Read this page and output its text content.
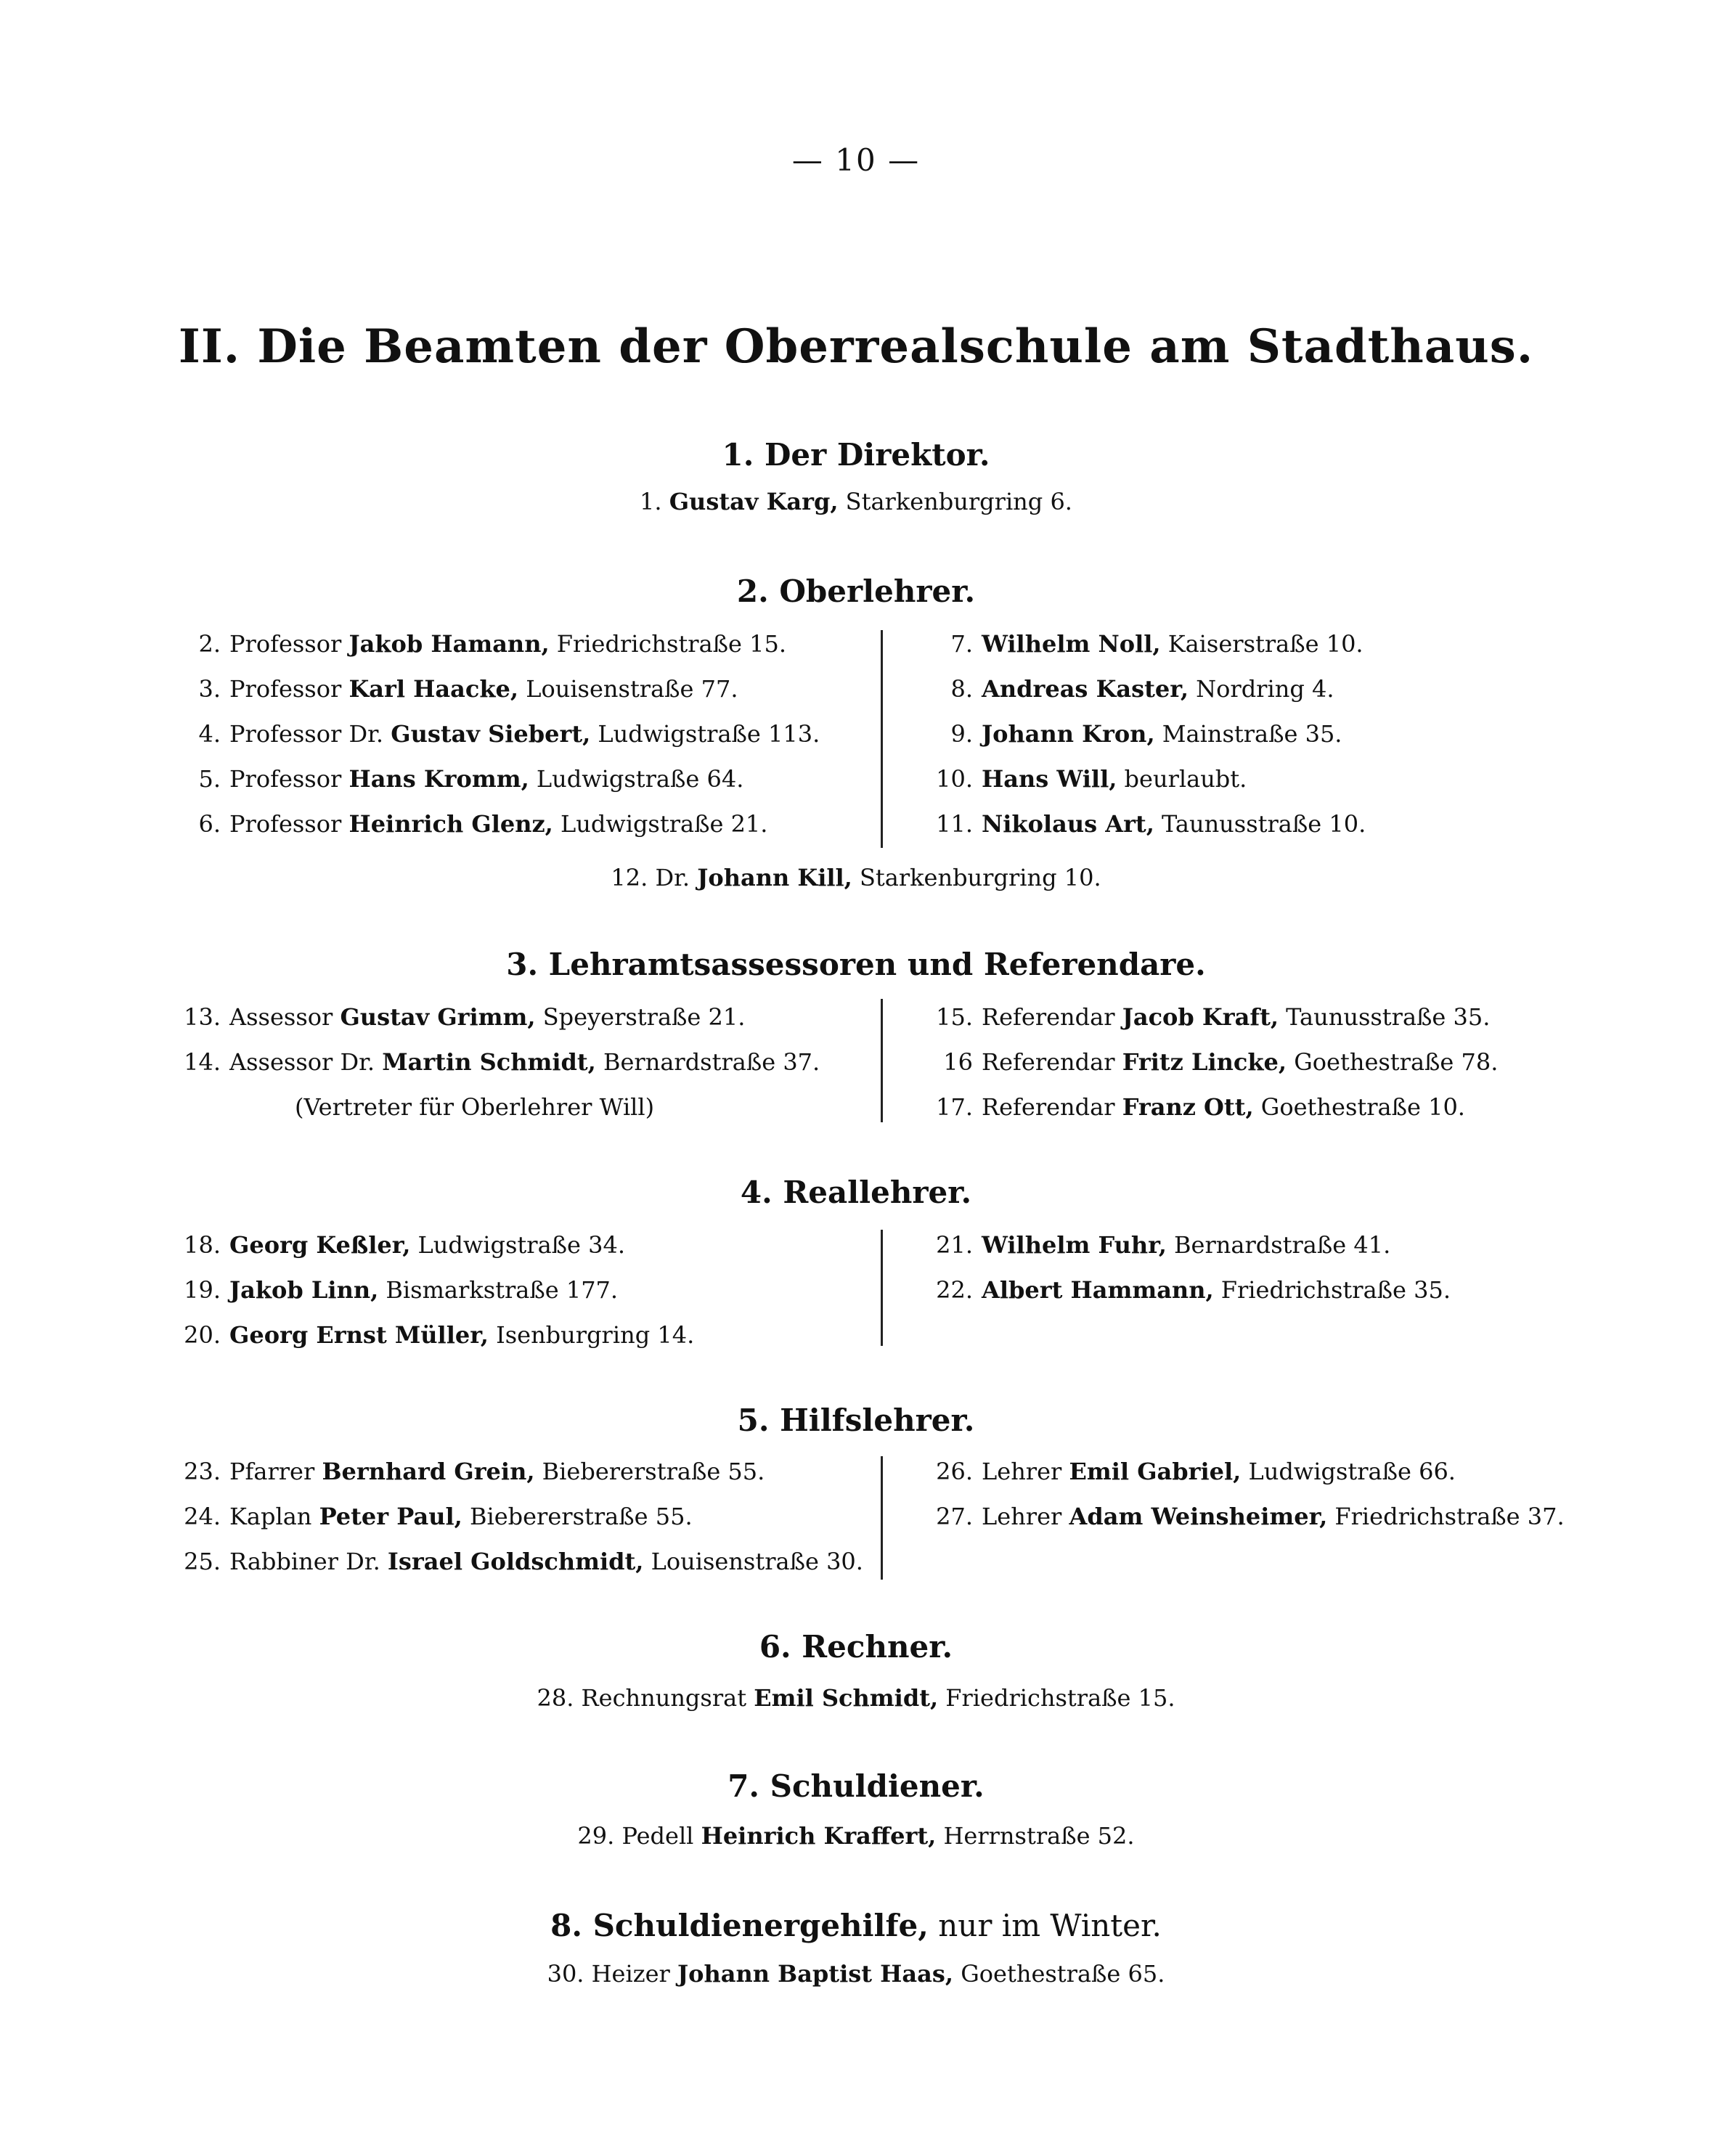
— 10 —
II. Die Beamten der Oberrealschule am Stadthaus.
1. Der Direktor.
1. Gustav Karg, Starkenburgring 6.
2. Oberlehrer.
2. Professor Jakob Hamann, Friedrichstraße 15.
3. Professor Karl Haacke, Louisenstraße 77.
4. Professor Dr. Gustav Siebert, Ludwigstraße 113.
5. Professor Hans Kromm, Ludwigstraße 64.
6. Professor Heinrich Glenz, Ludwigstraße 21.
7. Wilhelm Noll, Kaiserstraße 10.
8. Andreas Kaster, Nordring 4.
9. Johann Kron, Mainstraße 35.
10. Hans Will, beurlaubt.
11. Nikolaus Art, Taunusstraße 10.
12. Dr. Johann Kill, Starkenburgring 10.
3. Lehramtsassessoren und Referendare.
13. Assessor Gustav Grimm, Speyerstraße 21.
14. Assessor Dr. Martin Schmidt, Bernardstraße 37.
(Vertreter für Oberlehrer Will)
15. Referendar Jacob Kraft, Taunusstraße 35.
16 Referendar Fritz Lincke, Goethestraße 78.
17. Referendar Franz Ott, Goethestraße 10.
4. Reallehrer.
18. Georg Keßler, Ludwigstraße 34.
19. Jakob Linn, Bismarkstraße 177.
20. Georg Ernst Müller, Isenburgring 14.
21. Wilhelm Fuhr, Bernardstraße 41.
22. Albert Hammann, Friedrichstraße 35.
5. Hilfslehrer.
23. Pfarrer Bernhard Grein, Biebererstraße 55.
24. Kaplan Peter Paul, Biebererstraße 55.
25. Rabbiner Dr. Israel Goldschmidt, Louisenstraße 30.
26. Lehrer Emil Gabriel, Ludwigstraße 66.
27. Lehrer Adam Weinsheimer, Friedrichstraße 37.
6. Rechner.
28. Rechnungsrat Emil Schmidt, Friedrichstraße 15.
7. Schuldiener.
29. Pedell Heinrich Kraffert, Herrnstraße 52.
8. Schuldienergehilfe, nur im Winter.
30. Heizer Johann Baptist Haas, Goethestraße 65.
